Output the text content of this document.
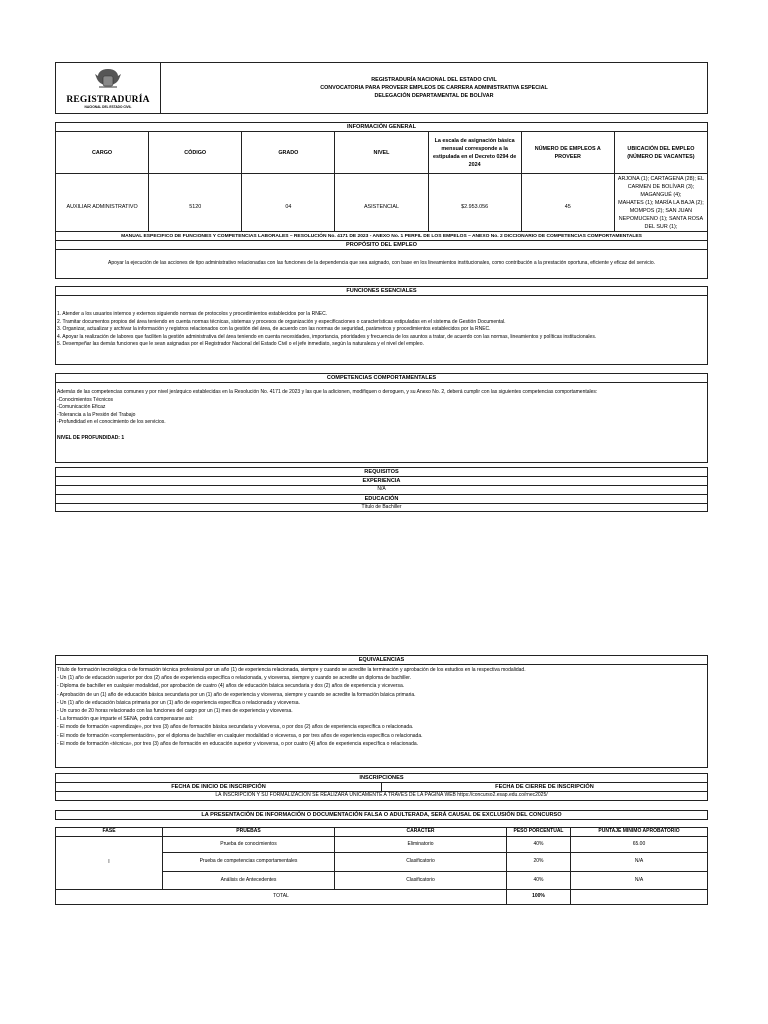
REGISTRADURÍA
NACIONAL DEL ESTADO CIVIL

REGISTRADURÍA NACIONAL DEL ESTADO CIVIL
CONVOCATORIA PARA PROVEER EMPLEOS DE CARRERA ADMINISTRATIVA ESPECIAL
DELEGACIÓN DEPARTAMENTAL DE BOLÍVAR
INFORMACIÓN GENERAL						
CARGO	CÓDIGO	GRADO	NIVEL	La escala de asignación básica mensual corresponde a la estipulada en el Decreto 0294 de 2024	NÚMERO DE EMPLEOS A PROVEER	UBICACIÓN DEL EMPLEO (NÚMERO DE VACANTES)
AUXILIAR ADMINISTRATIVO	5120	04	ASISTENCIAL	$2.953.056	45	ARJONA (1); CARTAGENA (28); EL CARMEN DE BOLÍVAR (3); MAGANGUÉ (4);
MAHATES (1); MARÍA LA BAJA (2);
MOMPOS (2); SAN JUAN NEPOMUCENO (1); SANTA ROSA DEL SUR (1);
MANUAL ESPECIFICO DE FUNCIONES Y COMPETENCIAS LABORALES – RESOLUCIÓN No. 4171 DE 2023 - ANEXO No. 1 PERFIL DE LOS EMPELOS – ANEXO No. 2 DICCIONARIO DE COMPETENCIAS COMPORTAMENTALES
PROPÓSITO DEL EMPLEO
Apoyar la ejecución de las acciones de tipo administrativo relacionadas con las funciones de la dependencia que sea asignado, con base en los lineamientos institucionales, como contribución a la prestación oportuna, eficiente y eficaz del servicio.
FUNCIONES ESENCIALES

1. Atender a los usuarios internos y externos siguiendo normas de protocolos y procedimientos establecidos por la RNEC.
2. Tramitar documentos propios del área teniendo en cuenta normas técnicas, sistemas y procesos de organización y especificaciones o características estipuladas en el sistema de Gestión Documental.
3. Organizar, actualizar y archivar la información y registros relacionados con la gestión del área, de acuerdo con las normas de seguridad, parámetros y procedimientos establecidos por la RNEC.
4. Apoyar la realización de labores que faciliten la gestión administrativa del área teniendo en cuenta necesidades, importancia, prioridades y frecuencia de los asuntos a tratar, de acuerdo con las normas, lineamientos y políticas institucionales.
5. Desempeñar las demás funciones que le sean asignadas por el Registrador Nacional del Estado Civil o el jefe inmediato, según la naturaleza y el nivel del empleo.
COMPETENCIAS COMPORTAMENTALES

Además de las competencias comunes y por nivel jerárquico establecidas en la Resolución No. 4171 de 2023 y las que la adicionen, modifiquen o deroguen, y su Anexo No. 2, deberá cumplir con las siguientes competencias comportamentales:
-Conocimientos Técnicos
-Comunicación Eficaz
-Tolerancia a la Presión del Trabajo
-Profundidad en el conocimiento de los servicios.
NIVEL DE PROFUNDIDAD: 1
REQUISITOS
EXPERIENCIA
N/A
EDUCACIÓN
Título de Bachiller
EQUIVALENCIAS

Título de formación tecnológica o de formación técnica profesional por un año (1) de experiencia relacionada, siempre y cuando se acredite la terminación y aprobación de los estudios en la respectiva modalidad.
- Un (1) año de educación superior por dos (2) años de experiencia específica o relacionada, y viceversa, siempre y cuando se acredite un diploma de bachiller.
- Diploma de bachiller en cualquier modalidad, por aprobación de cuatro (4) años de educación básica secundaria y dos (2) años de experiencia y viceversa.
- Aprobación de un (1) año de educación básica secundaria por un (1) año de experiencia y viceversa, siempre y cuando se acredite la formación básica primaria.
- Un (1) año de educación básica primaria por un (1) año de experiencia específica o relacionada y viceversa.
- Un curso de 20 horas relacionado con las funciones del cargo por un (1) mes de experiencia y viceversa.
- La formación que imparte el SENA, podrá compensarse así:
- El modo de formación «aprendizaje», por tres (3) años de formación básica secundaria y viceversa, o por dos (2) años de experiencia específica o relacionada.
- El modo de formación «complementación», por el diploma de bachiller en cualquier modalidad o viceversa, o por tres años de experiencia específica o relacionada.
- El modo de formación «técnica», por tres (3) años de formación en educación superior y viceversa, o por cuatro (4) años de experiencia específica o relacionada.
INSCRIPCIONES
FECHA DE INICIO DE INSCRIPCIÓN	FECHA DE CIERRE DE INSCRIPCIÓN
LA INSCRIPCIÓN Y SU FORMALIZACIÓN SE REALIZARÁ ÚNICAMENTE A TRAVÉS DE LA PÁGINA WEB https://concurso2.esap.edu.co/rnec2025/
LA PRESENTACIÓN DE INFORMACIÓN O DOCUMENTACIÓN FALSA O ADULTERADA, SERÁ CAUSAL DE EXCLUSIÓN DEL CONCURSO
FASE	PRUEBAS	CARÁCTER	PESO PORCENTUAL	PUNTAJE MINIMO APROBATORIO
I	Prueba de conocimientos	Eliminatorio	40%	65.00
	Prueba de competencias comportamentales	Clasificatorio	20%	N/A
	Análisis de Antecedentes	Clasificatorio	40%	N/A
TOTAL			100%	
